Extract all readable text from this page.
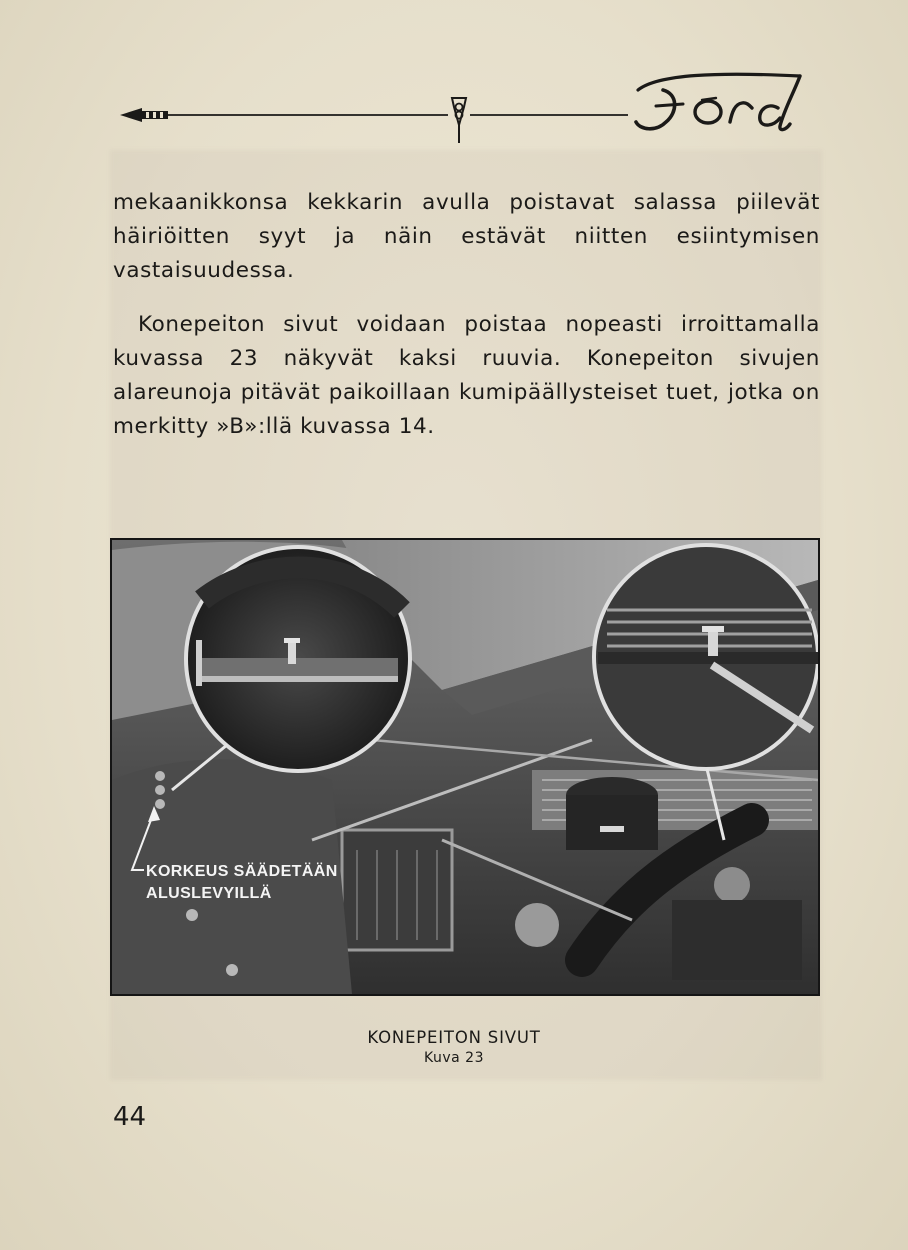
mekaanikkonsa kekkarin avulla poistavat salassa piilevät häiriöitten syyt ja näin estävät niitten esiintymisen vastaisuudessa.

Konepeiton sivut voidaan poistaa nopeasti irroittamalla kuvassa 23 näkyvät kaksi ruuvia. Konepeiton sivujen alareunoja pitävät paikoillaan kumipäällysteiset tuet, jotka on merkitty »B»:llä kuvassa 14.

KORKEUS SÄÄDETÄÄN
ALUSLEVYILLÄ
KONEPEITON SIVUT
Kuva 23
44
